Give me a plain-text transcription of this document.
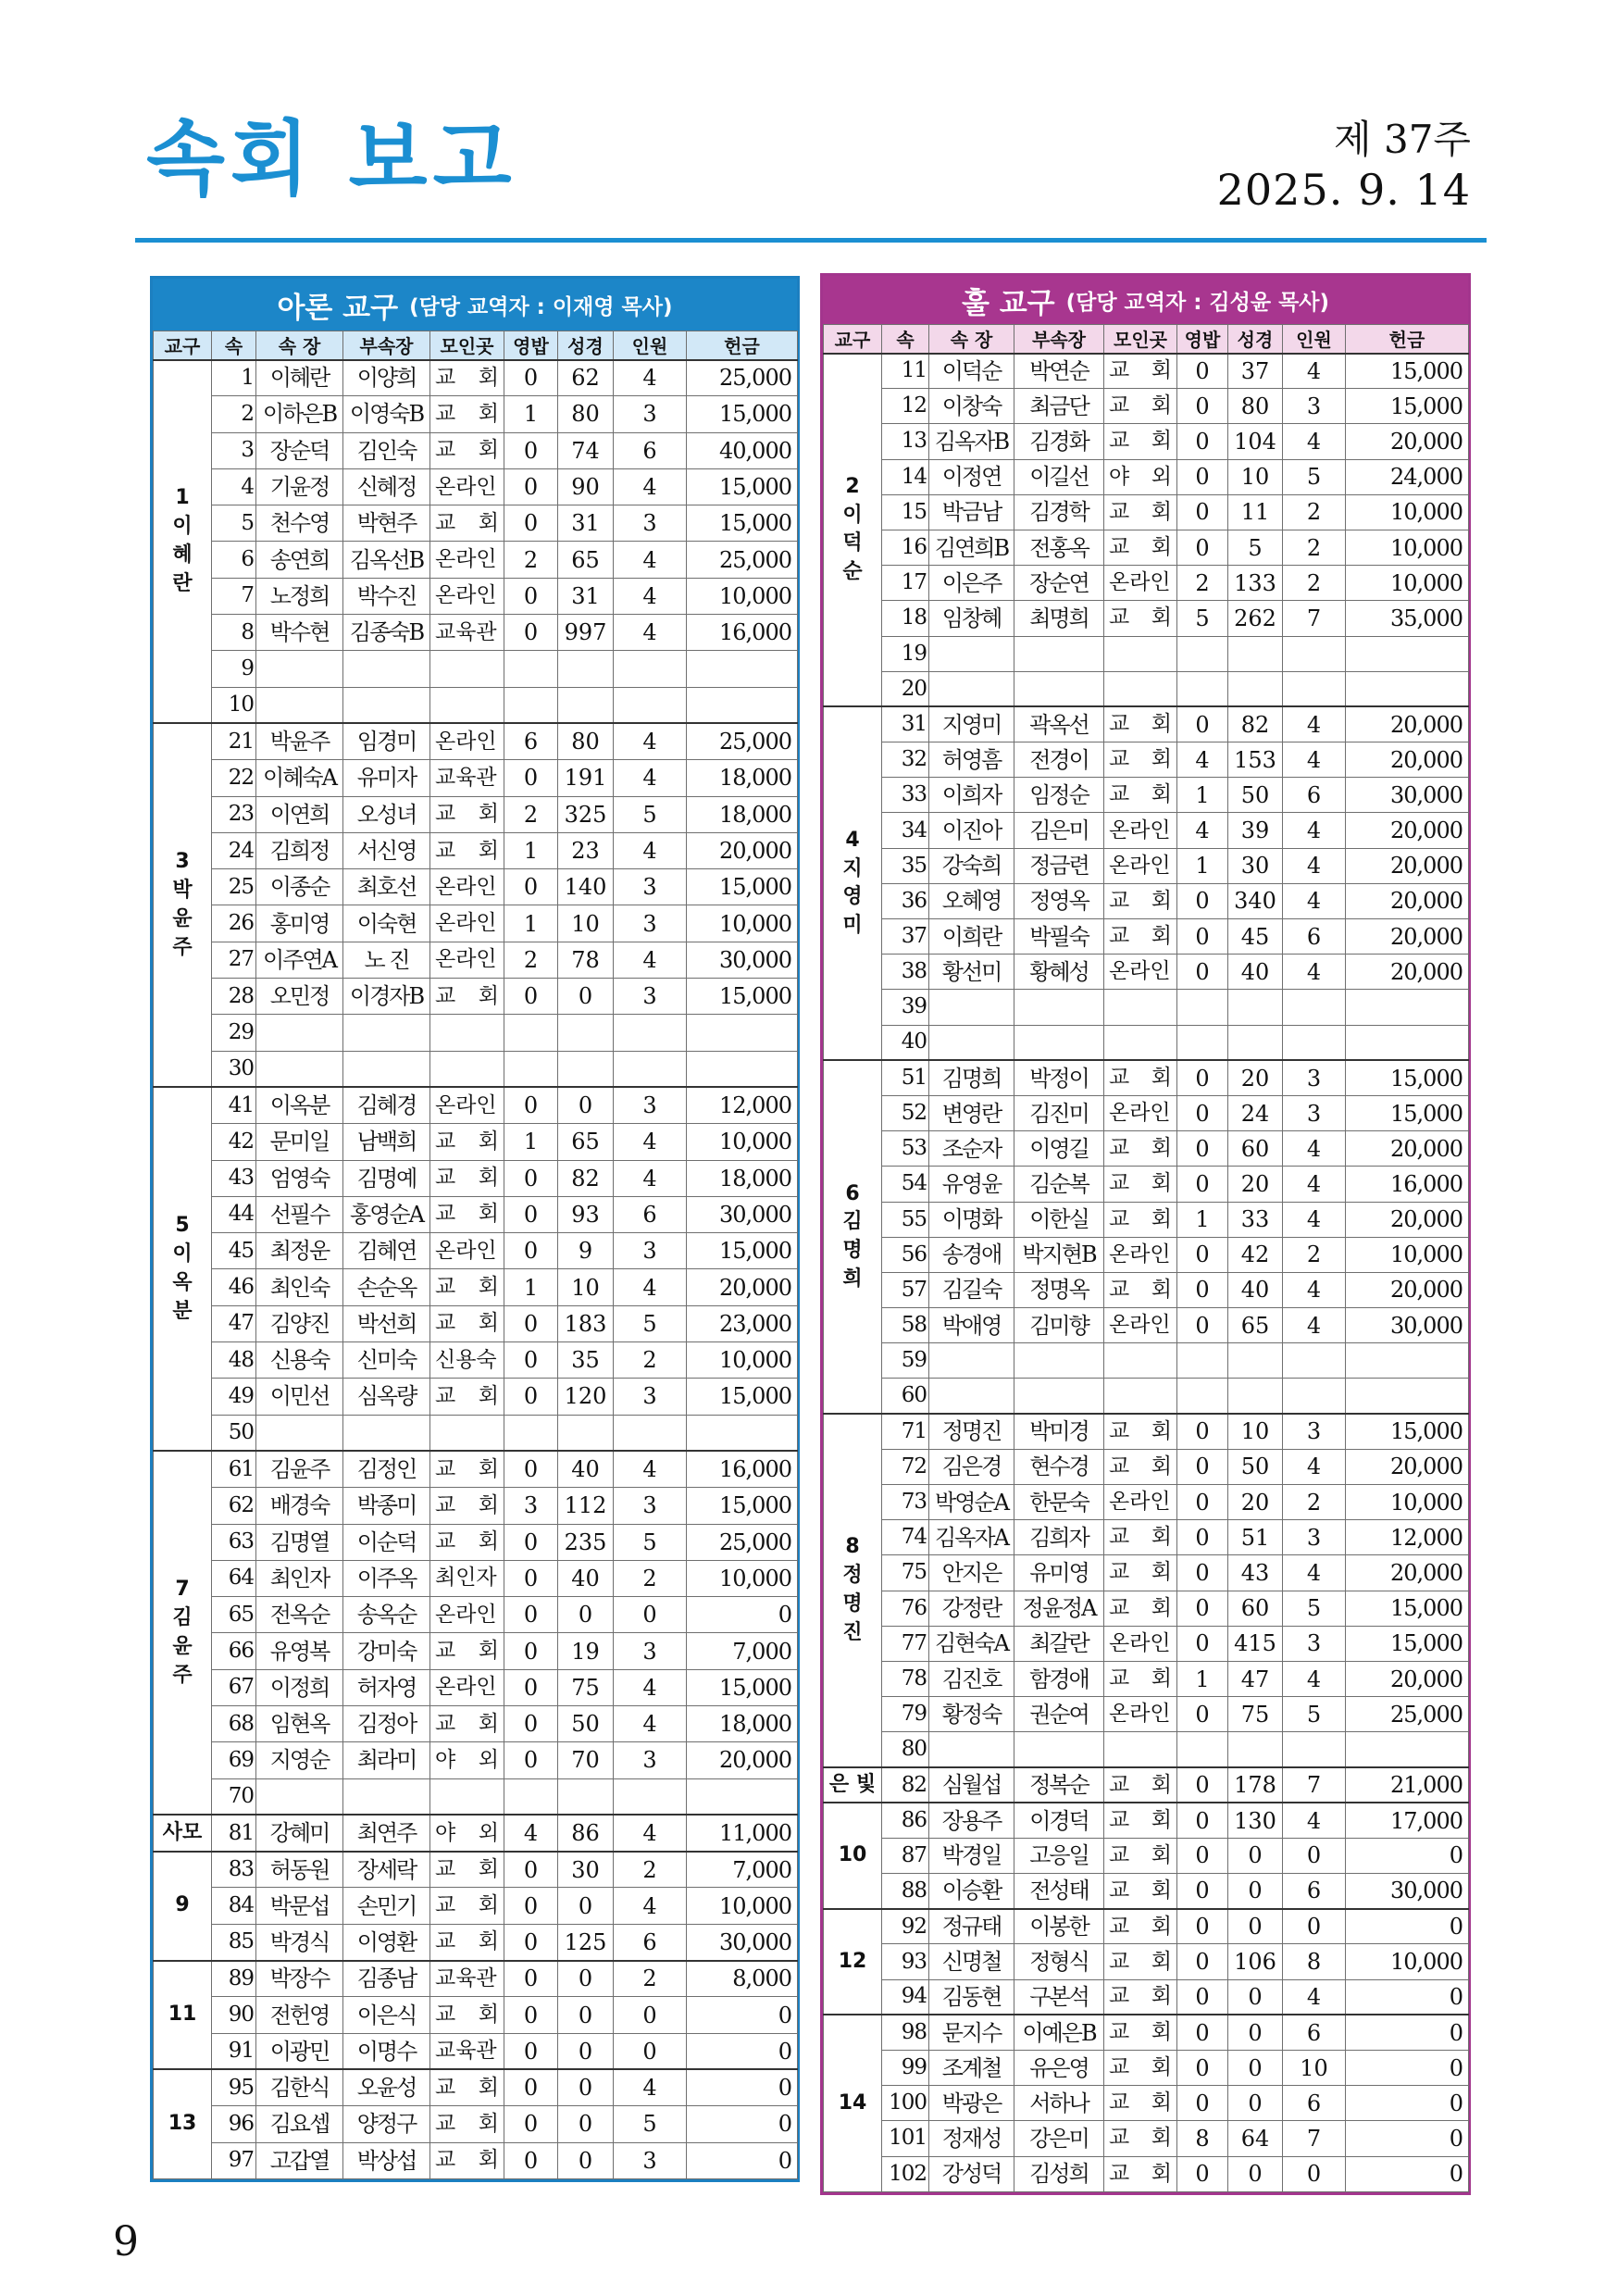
속회 보고	제 37주
2025. 9. 14
아론 교구 (담당 교역자 : 이재영 목사)
교구	속	속 장	부속장	모인곳	영밥	성경	인원	헌금
1
이
혜
란	1	이혜란	이양희	교 회	0	62	4	25,000
	2	이하은B	이영숙B	교 회	1	80	3	15,000
	3	장순덕	김인숙	교 회	0	74	6	40,000
	4	기윤정	신혜정	온라인	0	90	4	15,000
	5	천수영	박현주	교 회	0	31	3	15,000
	6	송연희	김옥선B	온라인	2	65	4	25,000
	7	노정희	박수진	온라인	0	31	4	10,000
	8	박수현	김종숙B	교육관	0	997	4	16,000
	9							
	10							
3
박
윤
주	21	박윤주	임경미	온라인	6	80	4	25,000
	22	이혜숙A	유미자	교육관	0	191	4	18,000
	23	이연희	오성녀	교 회	2	325	5	18,000
	24	김희정	서신영	교 회	1	23	4	20,000
	25	이종순	최호선	온라인	0	140	3	15,000
	26	홍미영	이숙현	온라인	1	10	3	10,000
	27	이주연A	노 진	온라인	2	78	4	30,000
	28	오민정	이경자B	교 회	0	0	3	15,000
	29							
	30							
5
이
옥
분	41	이옥분	김혜경	온라인	0	0	3	12,000
	42	문미일	남백희	교 회	1	65	4	10,000
	43	엄영숙	김명예	교 회	0	82	4	18,000
	44	선필수	홍영순A	교 회	0	93	6	30,000
	45	최정운	김혜연	온라인	0	9	3	15,000
	46	최인숙	손순옥	교 회	1	10	4	20,000
	47	김양진	박선희	교 회	0	183	5	23,000
	48	신용숙	신미숙	신용숙	0	35	2	10,000
	49	이민선	심옥량	교 회	0	120	3	15,000
	50							
7
김
윤
주	61	김윤주	김정인	교 회	0	40	4	16,000
	62	배경숙	박종미	교 회	3	112	3	15,000
	63	김명열	이순덕	교 회	0	235	5	25,000
	64	최인자	이주옥	최인자	0	40	2	10,000
	65	전옥순	송옥순	온라인	0	0	0	0
	66	유영복	강미숙	교 회	0	19	3	7,000
	67	이정희	허자영	온라인	0	75	4	15,000
	68	임현옥	김정아	교 회	0	50	4	18,000
	69	지영순	최라미	야 외	0	70	3	20,000
	70							
사모	81	강혜미	최연주	야 외	4	86	4	11,000
9	83	허동원	장세락	교 회	0	30	2	7,000
	84	박문섭	손민기	교 회	0	0	4	10,000
	85	박경식	이영환	교 회	0	125	6	30,000
11	89	박장수	김종남	교육관	0	0	2	8,000
	90	전헌영	이은식	교 회	0	0	0	0
	91	이광민	이명수	교육관	0	0	0	0
13	95	김한식	오윤성	교 회	0	0	4	0
	96	김요셉	양정구	교 회	0	0	5	0
	97	고갑열	박상섭	교 회	0	0	3	0
훌 교구 (담당 교역자 : 김성윤 목사)
교구	속	속 장	부속장	모인곳	영밥	성경	인원	헌금
2
이
덕
순	11	이덕순	박연순	교 회	0	37	4	15,000
	12	이창숙	최금단	교 회	0	80	3	15,000
	13	김옥자B	김경화	교 회	0	104	4	20,000
	14	이정연	이길선	야 외	0	10	5	24,000
	15	박금남	김경학	교 회	0	11	2	10,000
	16	김연희B	전홍옥	교 회	0	5	2	10,000
	17	이은주	장순연	온라인	2	133	2	10,000
	18	임창혜	최명희	교 회	5	262	7	35,000
	19							
	20							
4
지
영
미	31	지영미	곽옥선	교 회	0	82	4	20,000
	32	허영흠	전경이	교 회	4	153	4	20,000
	33	이희자	임정순	교 회	1	50	6	30,000
	34	이진아	김은미	온라인	4	39	4	20,000
	35	강숙희	정금련	온라인	1	30	4	20,000
	36	오혜영	정영옥	교 회	0	340	4	20,000
	37	이희란	박필숙	교 회	0	45	6	20,000
	38	황선미	황혜성	온라인	0	40	4	20,000
	39							
	40							
6
김
명
희	51	김명희	박정이	교 회	0	20	3	15,000
	52	변영란	김진미	온라인	0	24	3	15,000
	53	조순자	이영길	교 회	0	60	4	20,000
	54	유영윤	김순복	교 회	0	20	4	16,000
	55	이명화	이한실	교 회	1	33	4	20,000
	56	송경애	박지현B	온라인	0	42	2	10,000
	57	김길숙	정명옥	교 회	0	40	4	20,000
	58	박애영	김미향	온라인	0	65	4	30,000
	59							
	60							
8
정
명
진	71	정명진	박미경	교 회	0	10	3	15,000
	72	김은경	현수경	교 회	0	50	4	20,000
	73	박영순A	한문숙	온라인	0	20	2	10,000
	74	김옥자A	김희자	교 회	0	51	3	12,000
	75	안지은	유미영	교 회	0	43	4	20,000
	76	강정란	정윤정A	교 회	0	60	5	15,000
	77	김현숙A	최갈란	온라인	0	415	3	15,000
	78	김진호	함경애	교 회	1	47	4	20,000
	79	황정숙	권순여	온라인	0	75	5	25,000
	80							
은 빛	82	심월섭	정복순	교 회	0	178	7	21,000
10	86	장용주	이경덕	교 회	0	130	4	17,000
	87	박경일	고응일	교 회	0	0	0	0
	88	이승환	전성태	교 회	0	0	6	30,000
12	92	정규태	이봉한	교 회	0	0	0	0
	93	신명철	정형식	교 회	0	106	8	10,000
	94	김동현	구본석	교 회	0	0	4	0
14	98	문지수	이예은B	교 회	0	0	6	0
	99	조계철	유은영	교 회	0	0	10	0
	100	박광은	서하나	교 회	0	0	6	0
	101	정재성	강은미	교 회	8	64	7	0
	102	강성덕	김성희	교 회	0	0	0	0
9
